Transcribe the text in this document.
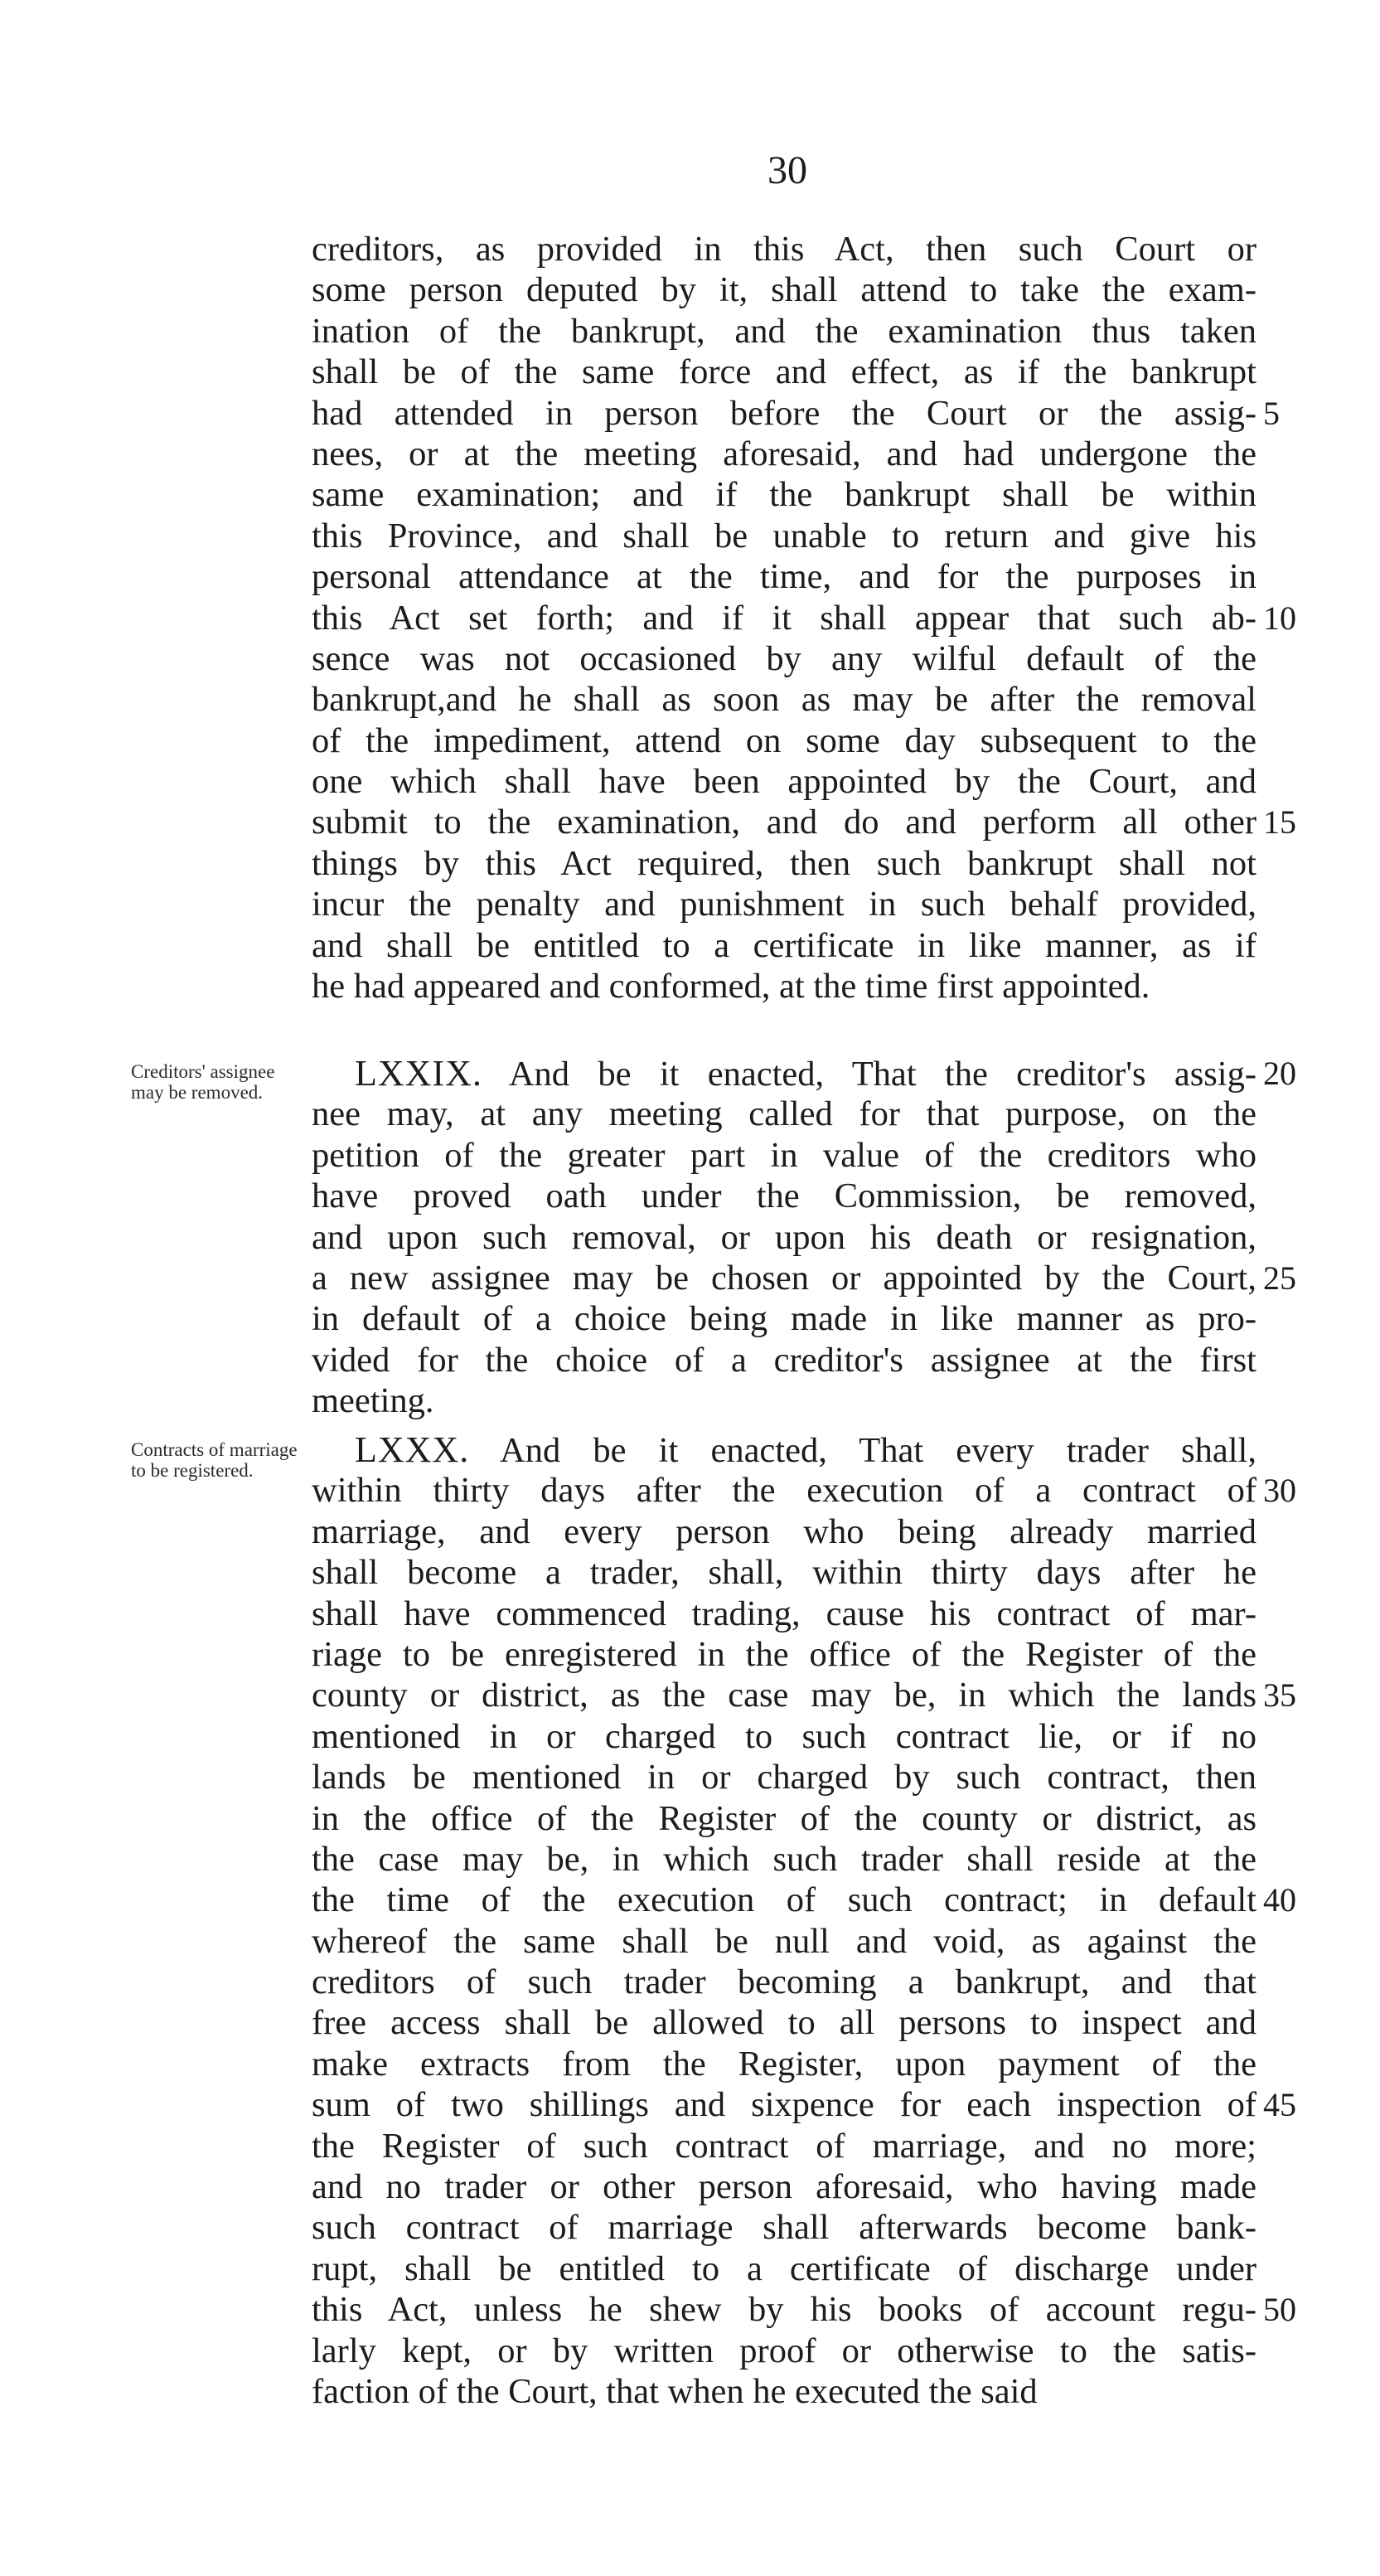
30
creditors, as provided in this Act, then such Court or
some person deputed by it, shall attend to take the exam-
ination of the bankrupt, and the examination thus taken
shall be of the same force and effect, as if the bankrupt
had attended in person before the Court or the assig- 5
nees, or at the meeting aforesaid, and had undergone the
same examination; and if the bankrupt shall be within
this Province, and shall be unable to return and give his
personal attendance at the time, and for the purposes in
this Act set forth; and if it shall appear that such ab- 10
sence was not occasioned by any wilful default of the
bankrupt,and he shall as soon as may be after the removal
of the impediment, attend on some day subsequent to the
one which shall have been appointed by the Court, and
submit to the examination, and do and perform all other 15
things by this Act required, then such bankrupt shall not
incur the penalty and punishment in such behalf provided,
and shall be entitled to a certificate in like manner, as if
he had appeared and conformed, at the time first appointed.
Creditors' assignee may be removed.	LXXIX. And be it enacted, That the creditor's assig- 20
nee may, at any meeting called for that purpose, on the
petition of the greater part in value of the creditors who
have proved oath under the Commission, be removed,
and upon such removal, or upon his death or resignation,
a new assignee may be chosen or appointed by the Court, 25
in default of a choice being made in like manner as pro-
vided for the choice of a creditor's assignee at the first
meeting.
Contracts of marriage to be registered.
LXXX. And be it enacted, That every trader shall,
within thirty days after the execution of a contract of 30
marriage, and every person who being already married
shall become a trader, shall, within thirty days after he
shall have commenced trading, cause his contract of mar-
riage to be enregistered in the office of the Register of the
county or district, as the case may be, in which the lands 35
mentioned in or charged to such contract lie, or if no
lands be mentioned in or charged by such contract, then
in the office of the Register of the county or district, as
the case may be, in which such trader shall reside at the
the time of the execution of such contract; in default 40
whereof the same shall be null and void, as against the
creditors of such trader becoming a bankrupt, and that
free access shall be allowed to all persons to inspect and
make extracts from the Register, upon payment of the
sum of two shillings and sixpence for each inspection of 45
the Register of such contract of marriage, and no more;
and no trader or other person aforesaid, who having made
such contract of marriage shall afterwards become bank-
rupt, shall be entitled to a certificate of discharge under
this Act, unless he shew by his books of account regu- 50
larly kept, or by written proof or otherwise to the satis-
faction of the Court, that when he executed the said
